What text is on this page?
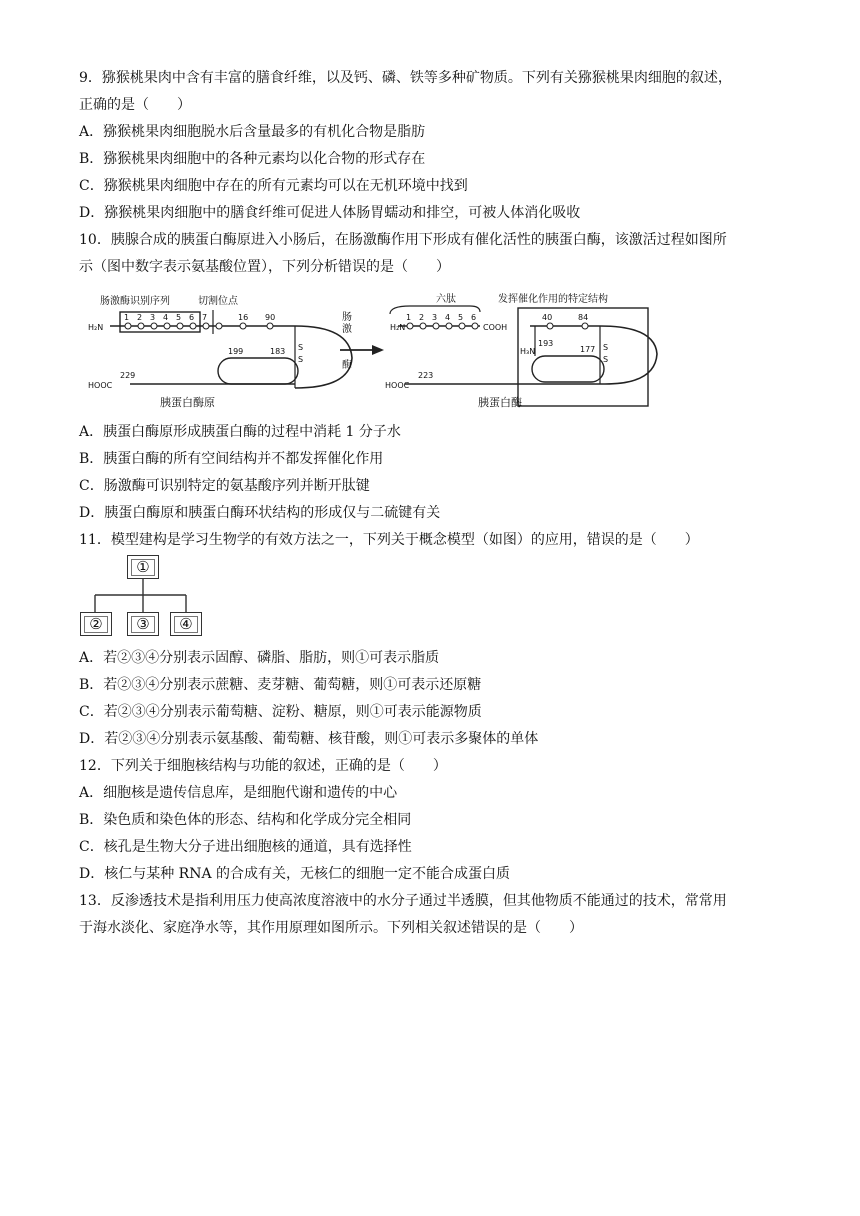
9．猕猴桃果肉中含有丰富的膳食纤维，以及钙、磷、铁等多种矿物质。下列有关猕猴桃果肉细胞的叙述，
正确的是（　　）
A．猕猴桃果肉细胞脱水后含量最多的有机化合物是脂肪
B．猕猴桃果肉细胞中的各种元素均以化合物的形式存在
C．猕猴桃果肉细胞中存在的所有元素均可以在无机环境中找到
D．猕猴桃果肉细胞中的膳食纤维可促进人体肠胃蠕动和排空，可被人体消化吸收
10．胰腺合成的胰蛋白酶原进入小肠后，在肠激酶作用下形成有催化活性的胰蛋白酶，该激活过程如图所
示（图中数字表示氨基酸位置），下列分析错误的是（　　）
肠激酶识别序列	切割位点
H₂N
1 2 3 4 5 6 7	16 90
199	183
229
HOOC
S
S
肠
激
酶
胰蛋白酶原
六肽	发挥催化作用的特定结构
H₂N
1 2 3 4 5 6
COOH
40	84
H₃N
193
177
223
HOOC
S
S
胰蛋白酶
A．胰蛋白酶原形成胰蛋白酶的过程中消耗 1 分子水
B．胰蛋白酶的所有空间结构并不都发挥催化作用
C．肠激酶可识别特定的氨基酸序列并断开肽键
D．胰蛋白酶原和胰蛋白酶环状结构的形成仅与二硫键有关
11．模型建构是学习生物学的有效方法之一，下列关于概念模型（如图）的应用，错误的是（　　）
①
②	③	④
A．若②③④分别表示固醇、磷脂、脂肪，则①可表示脂质
B．若②③④分别表示蔗糖、麦芽糖、葡萄糖，则①可表示还原糖
C．若②③④分别表示葡萄糖、淀粉、糖原，则①可表示能源物质
D．若②③④分别表示氨基酸、葡萄糖、核苷酸，则①可表示多聚体的单体
12．下列关于细胞核结构与功能的叙述，正确的是（　　）
A．细胞核是遗传信息库，是细胞代谢和遗传的中心
B．染色质和染色体的形态、结构和化学成分完全相同
C．核孔是生物大分子进出细胞核的通道，具有选择性
D．核仁与某种 RNA 的合成有关，无核仁的细胞一定不能合成蛋白质
13．反渗透技术是指利用压力使高浓度溶液中的水分子通过半透膜，但其他物质不能通过的技术，常常用
于海水淡化、家庭净水等，其作用原理如图所示。下列相关叙述错误的是（　　）
